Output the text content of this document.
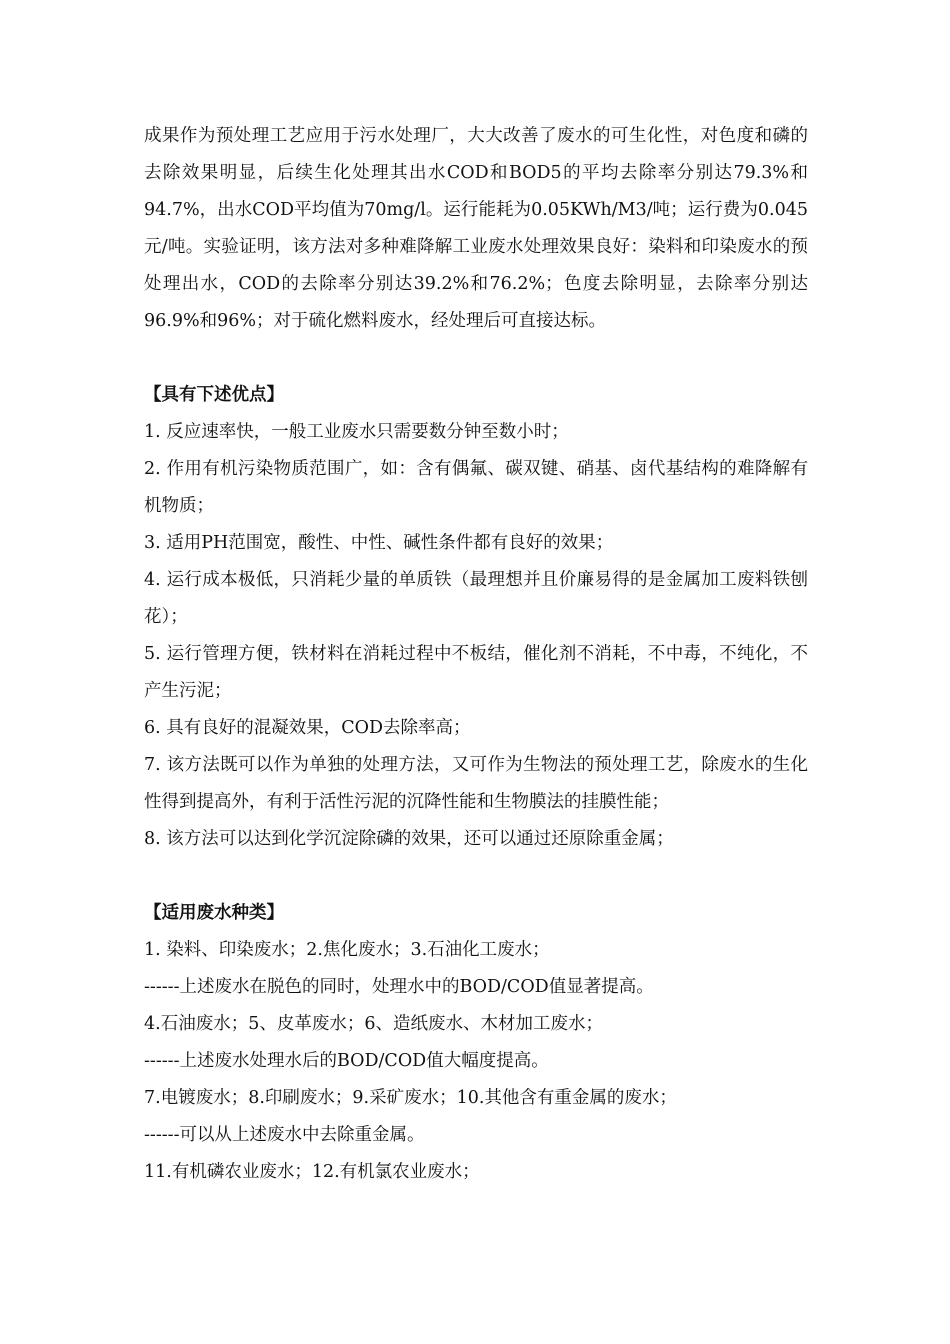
成果作为预处理工艺应用于污水处理厂，大大改善了废水的可生化性，对色度和磷的去除效果明显，后续生化处理其出水COD和BOD5的平均去除率分别达79.3%和94.7%，出水COD平均值为70mg/l。运行能耗为0.05KWh/M3/吨；运行费为0.045元/吨。实验证明，该方法对多种难降解工业废水处理效果良好：染料和印染废水的预处理出水，COD的去除率分别达39.2%和76.2%；色度去除明显，去除率分别达96.9%和96%；对于硫化燃料废水，经处理后可直接达标。

【具有下述优点】

1. 反应速率快，一般工业废水只需要数分钟至数小时；

2. 作用有机污染物质范围广，如：含有偶氟、碳双键、硝基、卤代基结构的难降解有机物质；

3. 适用PH范围宽，酸性、中性、碱性条件都有良好的效果；

4. 运行成本极低，只消耗少量的单质铁（最理想并且价廉易得的是金属加工废料铁刨花）；

5. 运行管理方便，铁材料在消耗过程中不板结，催化剂不消耗，不中毒，不纯化，不产生污泥；

6. 具有良好的混凝效果，COD去除率高；

7. 该方法既可以作为单独的处理方法，又可作为生物法的预处理工艺，除废水的生化性得到提高外，有利于活性污泥的沉降性能和生物膜法的挂膜性能；

8. 该方法可以达到化学沉淀除磷的效果，还可以通过还原除重金属；

【适用废水种类】

1. 染料、印染废水；2.焦化废水；3.石油化工废水；

------上述废水在脱色的同时，处理水中的BOD/COD值显著提高。

4.石油废水；5、皮革废水；6、造纸废水、木材加工废水；

------上述废水处理水后的BOD/COD值大幅度提高。

7.电镀废水；8.印刷废水；9.采矿废水；10.其他含有重金属的废水；

------可以从上述废水中去除重金属。

11.有机磷农业废水；12.有机氯农业废水；
